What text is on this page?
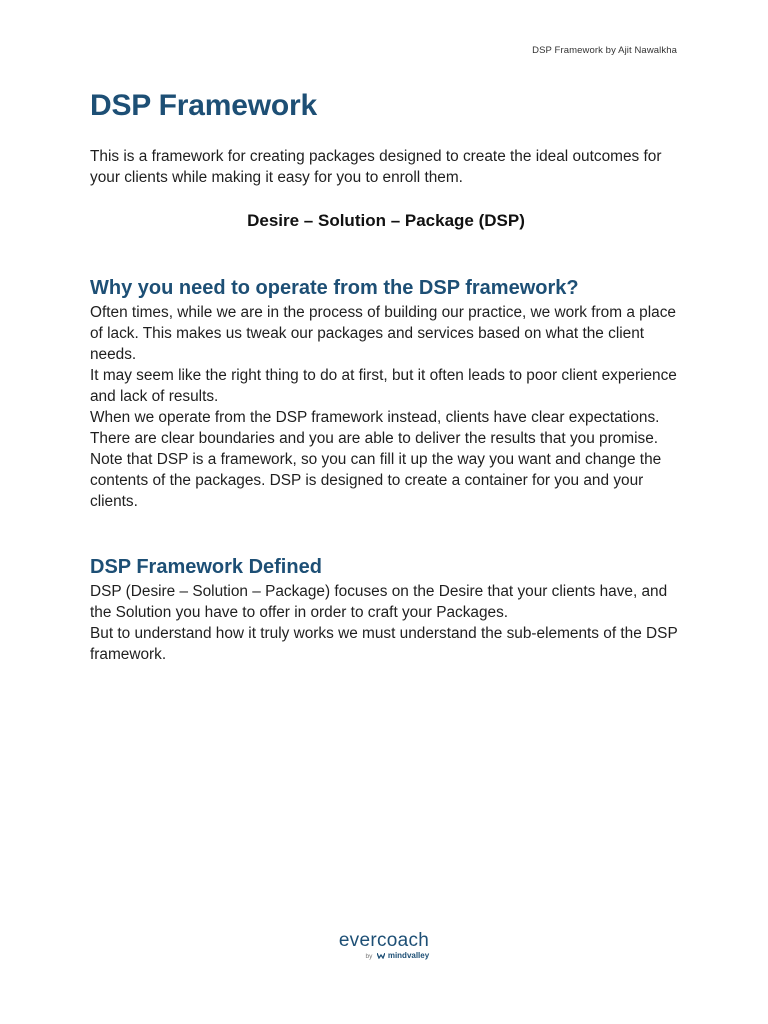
DSP Framework by Ajit Nawalkha
DSP Framework

This is a framework for creating packages designed to create the ideal outcomes for your clients while making it easy for you to enroll them.

Desire – Solution – Package (DSP)

Why you need to operate from the DSP framework?

Often times, while we are in the process of building our practice, we work from a place of lack. This makes us tweak our packages and services based on what the client needs.

It may seem like the right thing to do at first, but it often leads to poor client experience and lack of results.

When we operate from the DSP framework instead, clients have clear expectations. There are clear boundaries and you are able to deliver the results that you promise.

Note that DSP is a framework, so you can fill it up the way you want and change the contents of the packages. DSP is designed to create a container for you and your clients.

DSP Framework Defined

DSP (Desire – Solution – Package) focuses on the Desire that your clients have, and the Solution you have to offer in order to craft your Packages.

But to understand how it truly works we must understand the sub-elements of the DSP framework.

evercoach
by mindvalley
